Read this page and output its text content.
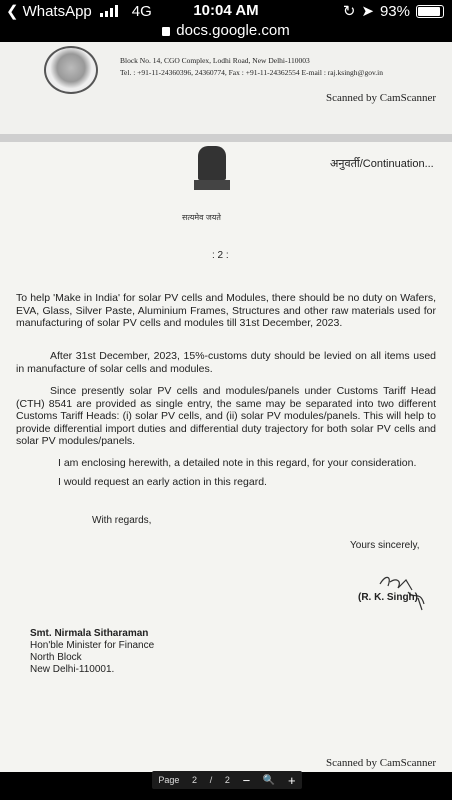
❮ WhatsApp	4G	10:04 AM	↻ ➤ 93%
docs.google.com
Block No. 14, CGO Complex, Lodhi Road, New Delhi-110003
Tel. : +91-11-24360396, 24360774, Fax : +91-11-24362554 E-mail : raj.ksingh@gov.in
Scanned by CamScanner
सत्यमेव जयते
अनुवर्ती/Continuation...
: 2 :
To help 'Make in India' for solar PV cells and Modules, there should be no duty on Wafers, EVA, Glass, Silver Paste, Aluminium Frames, Structures and other raw materials used for manufacturing of solar PV cells and modules till 31st December, 2023.
After 31st December, 2023, 15%-customs duty should be levied on all items used in manufacture of solar cells and modules.
Since presently solar PV cells and modules/panels under Customs Tariff Head (CTH) 8541 are provided as single entry, the same may be separated into two different Customs Tariff Heads: (i) solar PV cells, and (ii) solar PV modules/panels. This will help to provide differential import duties and differential duty trajectory for both solar PV cells and solar PV modules/panels.
I am enclosing herewith, a detailed note in this regard, for your consideration.
I would request an early action in this regard.
With regards,
Yours sincerely,
(R. K. Singh)
Smt. Nirmala Sitharaman
Hon'ble Minister for Finance
North Block
New Delhi-110001.
Scanned by CamScanner
Page 2 / 2 − 🔍 +
